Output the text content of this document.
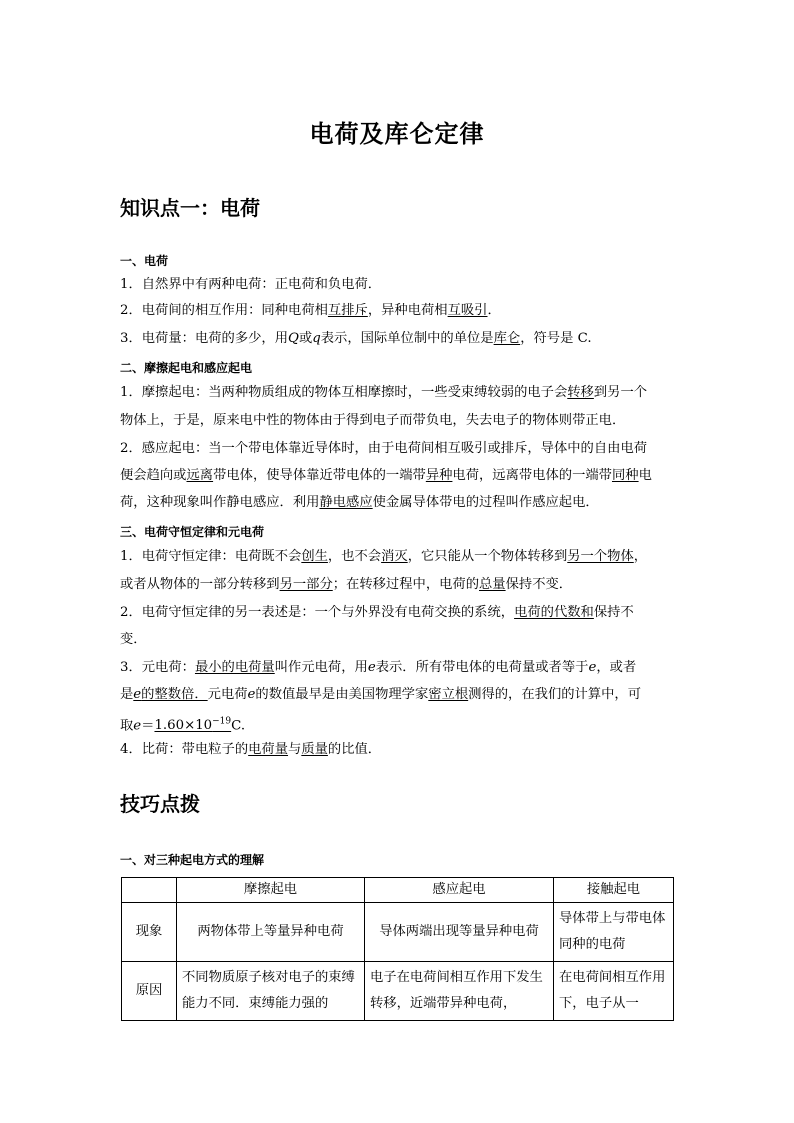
电荷及库仑定律
知识点一：电荷
一、电荷
1．自然界中有两种电荷：正电荷和负电荷．
2．电荷间的相互作用：同种电荷相互排斥，异种电荷相互吸引．
3．电荷量：电荷的多少，用Q或q表示，国际单位制中的单位是库仑，符号是 C.
二、摩擦起电和感应起电
1．摩擦起电：当两种物质组成的物体互相摩擦时，一些受束缚较弱的电子会转移到另一个
物体上，于是，原来电中性的物体由于得到电子而带负电，失去电子的物体则带正电．
2．感应起电：当一个带电体靠近导体时，由于电荷间相互吸引或排斥，导体中的自由电荷
便会趋向或远离带电体，使导体靠近带电体的一端带异种电荷，远离带电体的一端带同种电
荷，这种现象叫作静电感应．利用静电感应使金属导体带电的过程叫作感应起电．
三、电荷守恒定律和元电荷
1．电荷守恒定律：电荷既不会创生，也不会消灭，它只能从一个物体转移到另一个物体，
或者从物体的一部分转移到另一部分；在转移过程中，电荷的总量保持不变．
2．电荷守恒定律的另一表述是：一个与外界没有电荷交换的系统，电荷的代数和保持不
变．
3．元电荷：最小的电荷量叫作元电荷，用e表示．所有带电体的电荷量或者等于e，或者
是e的整数倍．元电荷e的数值最早是由美国物理学家密立根测得的，在我们的计算中，可
取$e=1.60\times 10^{-19}C$.
4．比荷：带电粒子的电荷量与质量的比值．
技巧点拨
一、对三种起电方式的理解
	摩擦起电	感应起电	接触起电
现象	两物体带上等量异种电荷	导体两端出现等量异种电荷	导体带上与带电体同种的电荷
原因	不同物质原子核对电子的束缚能力不同．束缚能力强的	电子在电荷间相互作用下发生转移，近端带异种电荷，	在电荷间相互作用下，电子从一
